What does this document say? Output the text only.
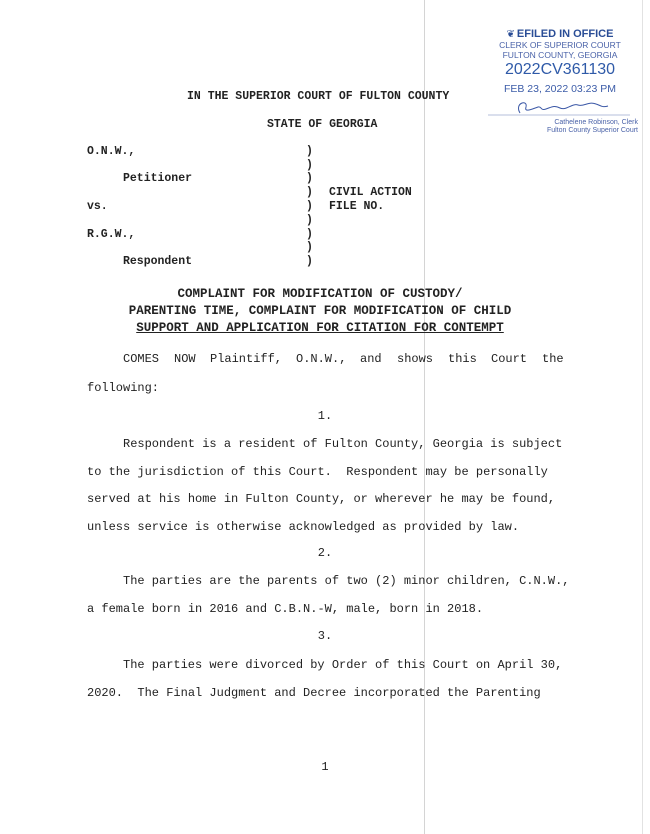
❦ EFILED IN OFFICE
CLERK OF SUPERIOR COURT
FULTON COUNTY, GEORGIA
2022CV361130
FEB 23, 2022 03:23 PM
Cathelene Robinson, Clerk
Fulton County Superior Court
IN THE SUPERIOR COURT OF FULTON COUNTY
STATE OF GEORGIA
O.N.W.,
Petitioner
vs.
R.G.W.,
Respondent
)
)
)
)
)
)
)
)
)
CIVIL ACTION
FILE NO.
COMPLAINT FOR MODIFICATION OF CUSTODY/
PARENTING TIME, COMPLAINT FOR MODIFICATION OF CHILD
SUPPORT AND APPLICATION FOR CITATION FOR CONTEMPT
COMES NOW Plaintiff, O.N.W., and shows this Court the
following:
1.
Respondent is a resident of Fulton County, Georgia is subject
to the jurisdiction of this Court.  Respondent may be personally
served at his home in Fulton County, or wherever he may be found,
unless service is otherwise acknowledged as provided by law.
2.
The parties are the parents of two (2) minor children, C.N.W.,
a female born in 2016 and C.B.N.-W, male, born in 2018.
3.
The parties were divorced by Order of this Court on April 30,
2020.  The Final Judgment and Decree incorporated the Parenting
1
